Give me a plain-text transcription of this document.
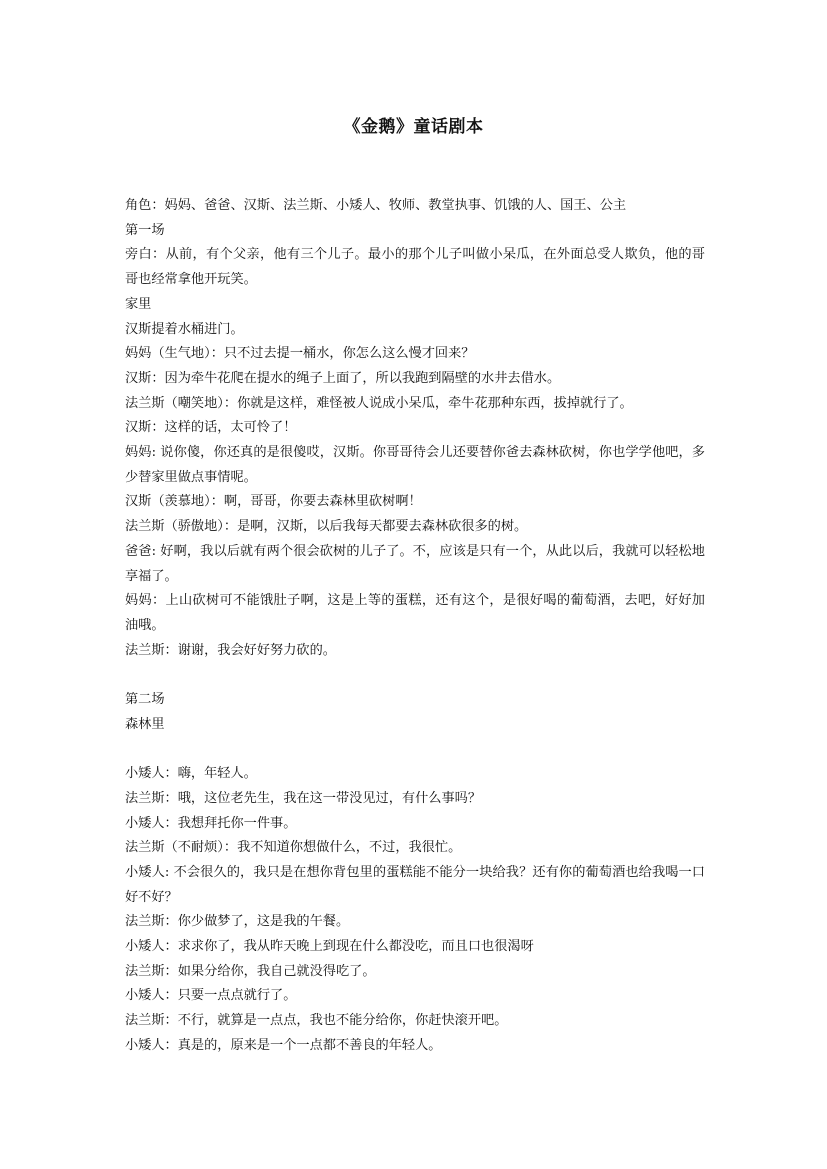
《金鹅》童话剧本

角色：妈妈、爸爸、汉斯、法兰斯、小矮人、牧师、教堂执事、饥饿的人、国王、公主

第一场

旁白：从前，有个父亲，他有三个儿子。最小的那个儿子叫做小呆瓜，在外面总受人欺负，他的哥哥也经常拿他开玩笑。

家里

汉斯提着水桶进门。

妈妈（生气地）：只不过去提一桶水，你怎么这么慢才回来？

汉斯：因为牵牛花爬在提水的绳子上面了，所以我跑到隔壁的水井去借水。

法兰斯（嘲笑地）：你就是这样，难怪被人说成小呆瓜，牵牛花那种东西，拔掉就行了。

汉斯：这样的话，太可怜了！

妈妈: 说你傻，你还真的是很傻哎，汉斯。你哥哥待会儿还要替你爸去森林砍树，你也学学他吧，多少替家里做点事情呢。

汉斯（羡慕地）：啊，哥哥，你要去森林里砍树啊！

法兰斯（骄傲地）：是啊，汉斯，以后我每天都要去森林砍很多的树。

爸爸: 好啊，我以后就有两个很会砍树的儿子了。不，应该是只有一个，从此以后，我就可以轻松地享福了。

妈妈：上山砍树可不能饿肚子啊，这是上等的蛋糕，还有这个，是很好喝的葡萄酒，去吧，好好加油哦。

法兰斯：谢谢，我会好好努力砍的。

第二场

森林里

小矮人：嗨，年轻人。

法兰斯：哦，这位老先生，我在这一带没见过，有什么事吗？

小矮人：我想拜托你一件事。

法兰斯（不耐烦）：我不知道你想做什么，不过，我很忙。

小矮人: 不会很久的，我只是在想你背包里的蛋糕能不能分一块给我？还有你的葡萄酒也给我喝一口好不好？

法兰斯：你少做梦了，这是我的午餐。

小矮人：求求你了，我从昨天晚上到现在什么都没吃，而且口也很渴呀

法兰斯：如果分给你，我自己就没得吃了。

小矮人：只要一点点就行了。

法兰斯：不行，就算是一点点，我也不能分给你，你赶快滚开吧。

小矮人：真是的，原来是一个一点都不善良的年轻人。
